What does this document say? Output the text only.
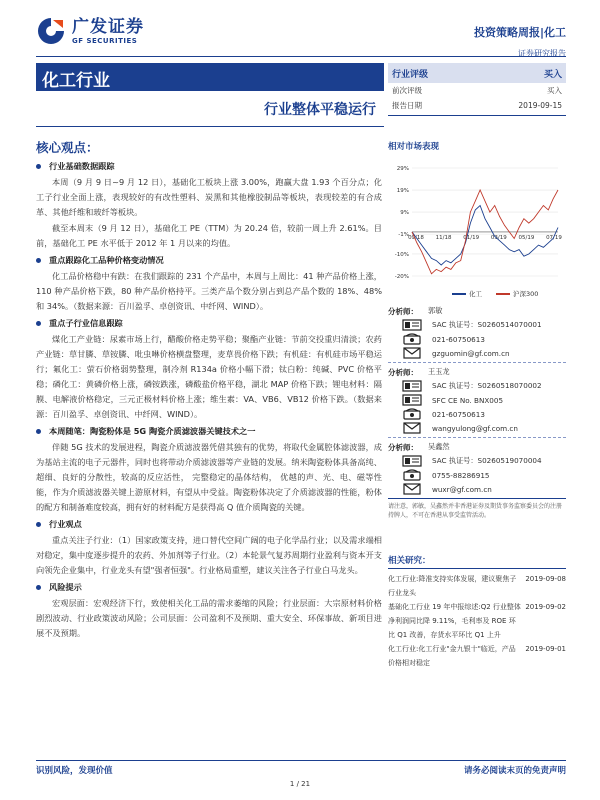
广发证券
GF SECURITIES
投资策略周报|化工
证券研究报告
化工行业
行业整体平稳运行
行业评级	买入
前次评级	买入
报告日期	2019-09-15
核心观点：
行业基础数据跟踪

本周（9 月 9 日~9 月 12 日），基础化工板块上涨 3.00%，跑赢大盘 1.93 个百分点；化工子行业全面上涨，表现较好的有改性塑料、炭黑和其他橡胶制品等板块，表现较差的有合成革、其他纤维和玻纤等板块。

截至本周末（9 月 12 日），基础化工 PE（TTM）为 20.24 倍，较前一周上升 2.61%。目前，基础化工 PE 水平低于 2012 年 1 月以来的均值。

重点跟踪化工品种价格变动情况

化工品价格稳中有跌：在我们跟踪的 231 个产品中，本周与上周比：41 种产品价格上涨，110 种产品价格下跌，80 种产品价格持平。三类产品个数分别占到总产品个数的 18%、48%和 34%。（数据来源：百川盈孚、卓创资讯、中纤网、WIND）。

重点子行业信息跟踪

煤化工产业链：尿素市场上行，醋酸价格走势平稳；聚酯产业链：节前交投重归清淡；农药产业链：草甘膦、草铵膦、吡虫啉价格横盘整理，麦草畏价格下跌；有机硅：有机硅市场平稳运行；氟化工：萤石价格弱势整理，制冷剂 R134a 价格小幅下滑；钛白粉：纯碱、PVC 价格平稳；磷化工：黄磷价格上涨，磷铵跌涨，磷酸盐价格平稳，湖北 MAP 价格下跌；锂电材料：隔膜、电解液价格稳定，三元正极材料价格上涨；维生素：VA、VB6、VB12 价格下跌。（数据来源：百川盈孚、卓创资讯、中纤网、WIND）。

本周随笔：陶瓷粉体是 5G 陶瓷介质滤波器关键技术之一

伴随 5G 技术的发展进程，陶瓷介质滤波器凭借其独有的优势，将取代金属腔体滤波器，成为基站主流的电子元器件，同时也将带动介质滤波器等产业链的发展。纳米陶瓷粉体具备高纯、超细、良好的分散性，较高的反应活性， 完整稳定的晶体结构， 优越的声、光、电、磁等性能，作为介质滤波器关键上游原材料，有望从中受益。陶瓷粉体决定了介质滤波器的性能，粉体的配方和制备难度较高，拥有好的材料配方是获得高 Q 值介质陶瓷的关键。

行业观点

重点关注子行业：（1）国家政策支持，进口替代空间广阔的电子化学品行业；以及需求端相对稳定，集中度逐步提升的农药、外加剂等子行业。（2）本轮景气复苏周期行业盈利与资本开支向领先企业集中，行业龙头有望"强者恒强"。行业格局重塑，建议关注各子行业白马龙头。

风险提示

宏观层面：宏观经济下行，致使相关化工品的需求萎缩的风险；行业层面：大宗原材料价格剧烈波动、行业政策波动风险；公司层面：公司盈利不及预期、重大安全、环保事故、新项目进展不及预期。

相对市场表现
29%
19%
9%
-1%
-10%
-20%
09/18 11/18 01/19 03/19 05/19 07/19
化工	沪深300
分析师：	郭敏
SAC 执证号：S0260514070001
021-60750613
gzguomin@gf.com.cn
分析师：	王玉龙
SAC 执证号：S0260518070002
SFC CE No. BNX005
021-60750613
wangyulong@gf.com.cn
分析师：	吴鑫然
SAC 执证号：S0260519070004
0755-88286915
wuxr@gf.com.cn
请注意，郭敏，吴鑫然并非香港证券及期货事务监察委员会的注册持牌人，不可在香港从事受监管活动。
相关研究：
化工行业:降准支持实体发展，建议聚焦子行业龙头
2019-09-08
基础化工行业 19 年中报综述:Q2 行业整体净利润同比降 9.11%，毛利率及 ROE 环比 Q1 改善，存货水平环比 Q1 上升
2019-09-02
化工行业:化工行业"金九银十"临近，产品价格相对稳定
2019-09-01
识别风险，发现价值	请务必阅读末页的免责声明
1 / 21
